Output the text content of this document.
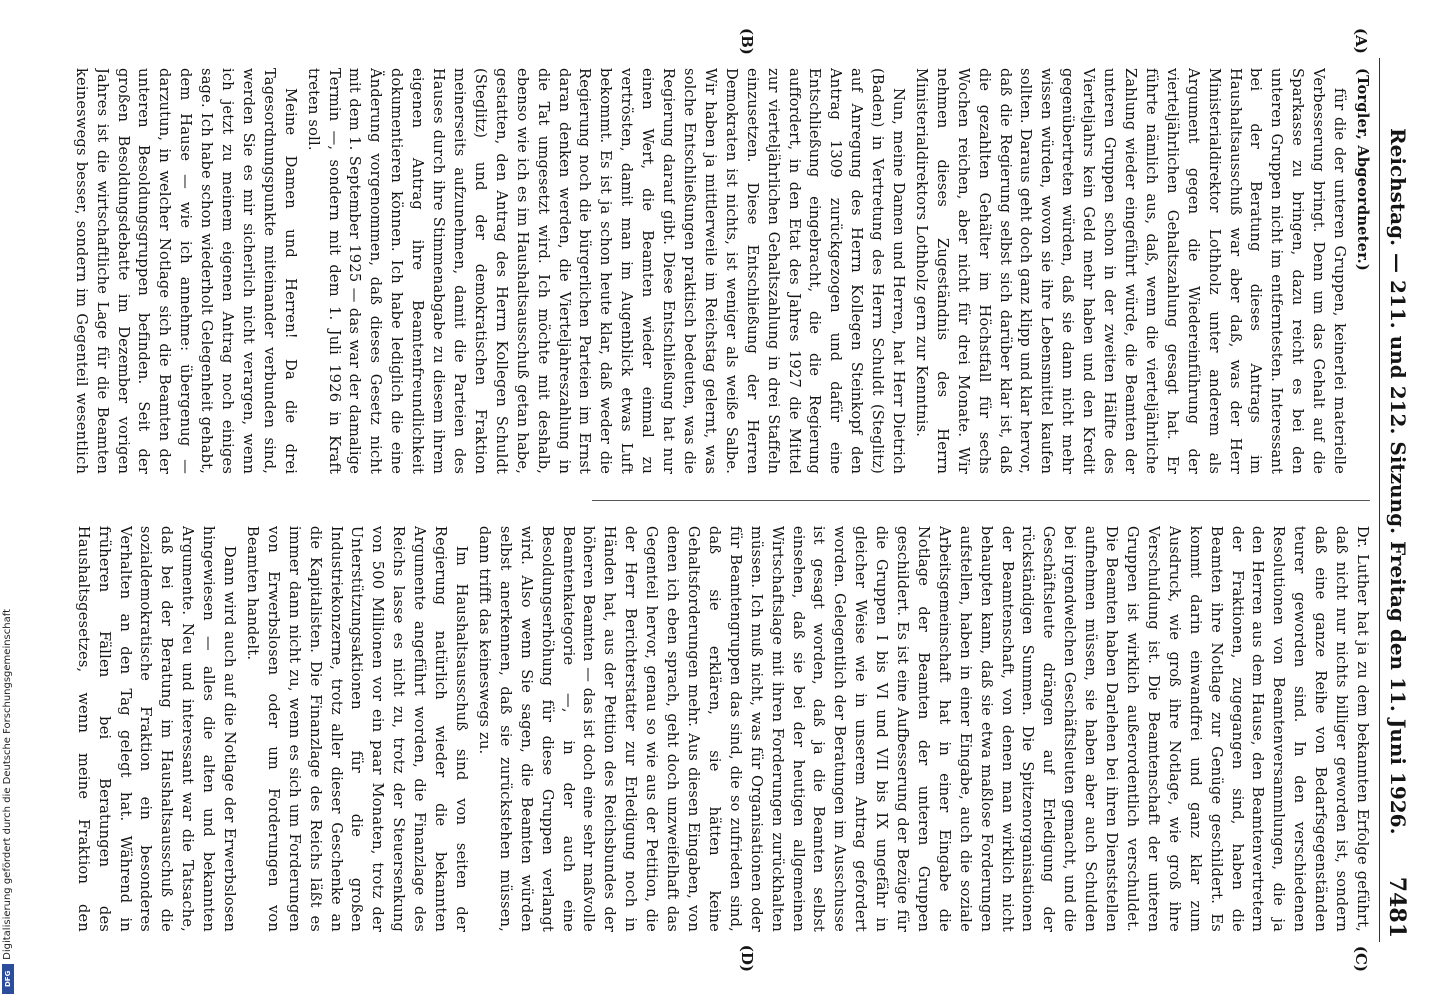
Reichstag. — 211. und 212. Sitzung. Freitag den 11. Juni 1926.
7481
(A)
(B)
(C)
(D)

(Torgler, Abgeordneter.)

für die der unteren Gruppen, keinerlei materielle Verbesserung bringt. Denn um das Gehalt auf die Sparkasse zu bringen, dazu reicht es bei den unteren Gruppen nicht im entferntesten. Interessant bei der Beratung dieses Antrags im Haushaltsausschuß war aber daß, was der Herr Ministerialdirektor Lothholz unter anderem als Argument gegen die Wiedereinführung der vierteljährlichen Gehaltszahlung gesagt hat. Er führte nämlich aus, daß, wenn die vierteljährliche Zahlung wieder eingeführt würde, die Beamten der unteren Gruppen schon in der zweiten Hälfte des Vierteljahrs kein Geld mehr haben und den Kredit gegenübertreten würden, daß sie dann nicht mehr wissen würden, wovon sie ihre Lebensmittel kaufen sollten. Daraus geht doch ganz klipp und klar hervor, daß die Regierung selbst sich darüber klar ist, daß die gezahlten Gehälter im Höchstfall für sechs Wochen reichen, aber nicht für drei Monate. Wir nehmen dieses Zugeständnis des Herrn Ministerialdirektors Lothholz gern zur Kenntnis.

Nun, meine Damen und Herren, hat Herr Dietrich (Baden) in Vertretung des Herrn Schuldt (Steglitz) auf Anregung des Herrn Kollegen Steinkopf den Antrag 1309 zurückgezogen und dafür eine Entschließung eingebracht, die die Regierung auffordert, in den Etat des Jahres 1927 die Mittel zur vierteljährlichen Gehaltszahlung in drei Staffeln einzusetzen. Diese Entschließung der Herren Demokraten ist nichts, ist weniger als weiße Salbe. Wir haben ja mittlerweile im Reichstag gelernt, was solche Entschließungen praktisch bedeuten, was die Regierung darauf gibt. Diese Entschließung hat nur einen Wert, die Beamten wieder einmal zu vertrösten, damit man im Augenblick etwas Luft bekommt. Es ist ja schon heute klar, daß weder die Regierung noch die bürgerlichen Parteien im Ernst daran denken werden, die Vierteljahreszahlung in die Tat umgesetzt wird. Ich möchte mit deshalb, ebenso wie ich es im Haushaltsausschuß getan habe, gestatten, den Antrag des Herrn Kollegen Schuldt (Steglitz) und der demokratischen Fraktion meinerseits aufzunehmen, damit die Parteien des Hauses durch ihre Stimmenabgabe zu diesem ihrem eigenen Antrag ihre Beamtenfreundlichkeit dokumentieren können. Ich habe lediglich die eine Änderung vorgenommen, daß dieses Gesetz nicht mit dem 1. September 1925 — das war der damalige Termin —, sondern mit dem 1. Juli 1926 in Kraft treten soll.

Meine Damen und Herren! Da die drei Tagesordnungspunkte miteinander verbunden sind, werden Sie es mir sicherlich nicht verargen, wenn ich jetzt zu meinem eigenen Antrag noch einiges sage. Ich habe schon wiederholt Gelegenheit gehabt, dem Hause — wie ich annehme: übergenug — darzutun, in welcher Notlage sich die Beamten der unteren Besoldungsgruppen befinden. Seit der großen Besoldungsdebatte im Dezember vorigen Jahres ist die wirtschaftliche Lage für die Beamten keineswegs besser, sondern im Gegenteil wesentlich

Dr. Luther hat ja zu dem bekannten Erfolge geführt, daß nicht nur nichts billiger geworden ist, sondern daß eine ganze Reihe von Bedarfsgegenständen teurer geworden sind. In den verschiedenen Resolutionen von Beamtenversammlungen, die ja den Herren aus dem Hause, den Beamtenvertretern der Fraktionen, zugegangen sind, haben die Beamten ihre Notlage zur Genüge geschildert. Es kommt darin einwandfrei und ganz klar zum Ausdruck, wie groß ihre Notlage, wie groß ihre Verschuldung ist. Die Beamtenschaft der unteren Gruppen ist wirklich außerordentlich verschuldet. Die Beamten haben Darlehen bei ihren Dienststellen aufnehmen müssen, sie haben aber auch Schulden bei irgendwelchen Geschäftsleuten gemacht, und die Geschäftsleute drängen auf Erledigung der rückständigen Summen. Die Spitzenorganisationen der Beamtenschaft, von denen man wirklich nicht behaupten kann, daß sie etwa maßlose Forderungen aufstellen, haben in einer Eingabe, auch die soziale Arbeitsgemeinschaft hat in einer Eingabe die Notlage der Beamten der unteren Gruppen geschildert. Es ist eine Aufbesserung der Bezüge für die Gruppen I bis VI und VII bis IX ungefähr in gleicher Weise wie in unserem Antrag gefordert worden. Gelegentlich der Beratungen im Ausschusse ist gesagt worden, daß ja die Beamten selbst einsehen, daß sie bei der heutigen allgemeinen Wirtschaftslage mit ihren Forderungen zurückhalten müssen. Ich muß nicht, was für Organisationen oder für Beamtengruppen das sind, die so zufrieden sind, daß sie erklären, sie hätten keine Gehaltsforderungen mehr. Aus diesen Eingaben, von denen ich eben sprach, geht doch unzweifelhaft das Gegenteil hervor, genau so wie aus der Petition, die der Herr Berichterstatter zur Erledigung noch in Händen hat, aus der Petition des Reichsbundes der höheren Beamten — das ist doch eine sehr maßvolle Beamtenkategorie —, in der auch eine Besoldungserhöhung für diese Gruppen verlangt wird. Also wenn Sie sagen, die Beamten würden selbst anerkennen, daß sie zurückstehen müssen, dann trifft das keineswegs zu.

Im Haushaltsausschuß sind von seiten der Regierung natürlich wieder die bekannten Argumente angeführt worden, die Finanzlage des Reichs lasse es nicht zu, trotz der Steuersenkung von 500 Millionen vor ein paar Monaten, trotz der Unterstützungsaktionen für die großen Industriekonzerne, trotz aller dieser Geschenke an die Kapitalisten. Die Finanzlage des Reichs läßt es immer dann nicht zu, wenn es sich um Forderungen von Erwerbslosen oder um Forderungen von Beamten handelt.

Dann wird auch auf die Notlage der Erwerbslosen hingewiesen — alles die alten und bekannten Argumente. Neu und interessant war die Tatsache, daß bei der Beratung im Haushaltsausschuß die sozialdemokratische Fraktion ein besonderes Verhalten an den Tag gelegt hat. Während in früheren Fällen bei Beratungen des Haushaltsgesetzes, wenn meine Fraktion den

Digitalisierung gefördert durch die Deutsche Forschungsgemeinschaft
DFG
